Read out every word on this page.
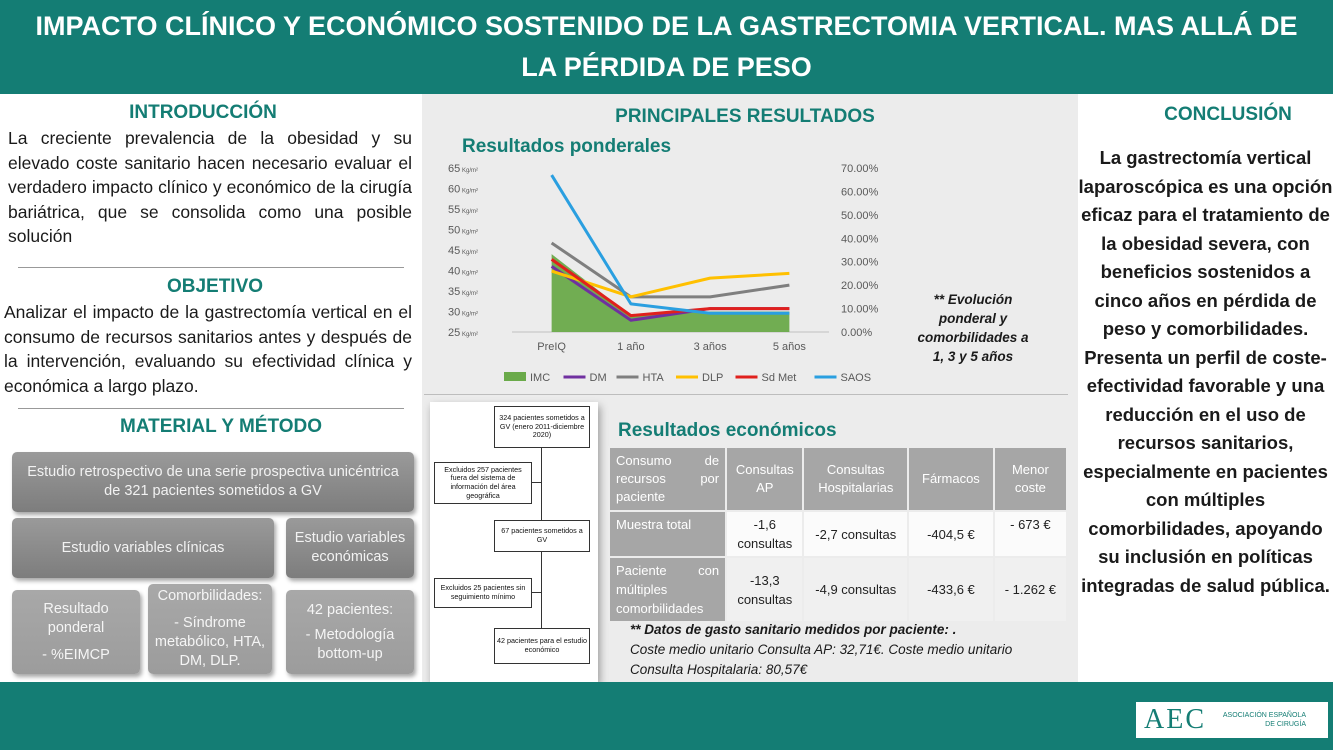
IMPACTO CLÍNICO Y ECONÓMICO SOSTENIDO DE LA GASTRECTOMIA VERTICAL. MAS ALLÁ DE LA PÉRDIDA DE PESO
INTRODUCCIÓN
La creciente prevalencia de la obesidad y su elevado coste sanitario hacen necesario evaluar el verdadero impacto clínico y económico de la cirugía bariátrica, que se consolida como una posible solución
OBJETIVO
Analizar el impacto de la gastrectomía vertical en el consumo de recursos sanitarios antes y después de la intervención, evaluando su efectividad clínica y económica a largo plazo.
MATERIAL Y MÉTODO
Estudio retrospectivo de una serie prospectiva unicéntrica de 321 pacientes sometidos a GV
Estudio variables clínicas
Estudio variables económicas
Resultado ponderal
- %EIMCP
Comorbilidades:
- Síndrome metabólico, HTA, DM, DLP.
42 pacientes:
- Metodología bottom-up
PRINCIPALES RESULTADOS
Resultados ponderales
25 Kg/m²
30 Kg/m²
35 Kg/m²
40 Kg/m²
45 Kg/m²
50 Kg/m²
55 Kg/m²
60 Kg/m²
65 Kg/m²
0.00%
10.00%
20.00%
30.00%
40.00%
50.00%
60.00%
70.00%
PreIQ	1 año	3 años	5 años
IMC	DM	HTA	DLP	Sd Met	SAOS
** Evolución ponderal y comorbilidades a 1, 3 y 5 años
324 pacientes sometidos a GV (enero 2011-diciembre 2020)
Excluidos 257 pacientes fuera del sistema de información del área geográfica
67 pacientes sometidos a GV
Excluidos 25 pacientes sin seguimiento mínimo
42 pacientes para el estudio económico
Resultados económicos
Consumo de recursos por paciente	Consultas AP	Consultas Hospitalarias	Fármacos	Menor coste
Muestra total	-1,6 consultas	-2,7 consultas	-404,5 €	- 673 €
Paciente con múltiples comorbilidades	-13,3 consultas	-4,9 consultas	-433,6 €	- 1.262 €
** Datos de gasto sanitario medidos por paciente: .
Coste medio unitario Consulta AP: 32,71€. Coste medio unitario Consulta Hospitalaria: 80,57€
CONCLUSIÓN
La gastrectomía vertical laparoscópica es una opción eficaz para el tratamiento de la obesidad severa, con beneficios sostenidos a cinco años en pérdida de peso y comorbilidades. Presenta un perfil de coste-efectividad favorable y una reducción en el uso de recursos sanitarios, especialmente en pacientes con múltiples comorbilidades, apoyando su inclusión en políticas integradas de salud pública.
AEC	ASOCIACIÓN ESPAÑOLA DE CIRUGÍA
